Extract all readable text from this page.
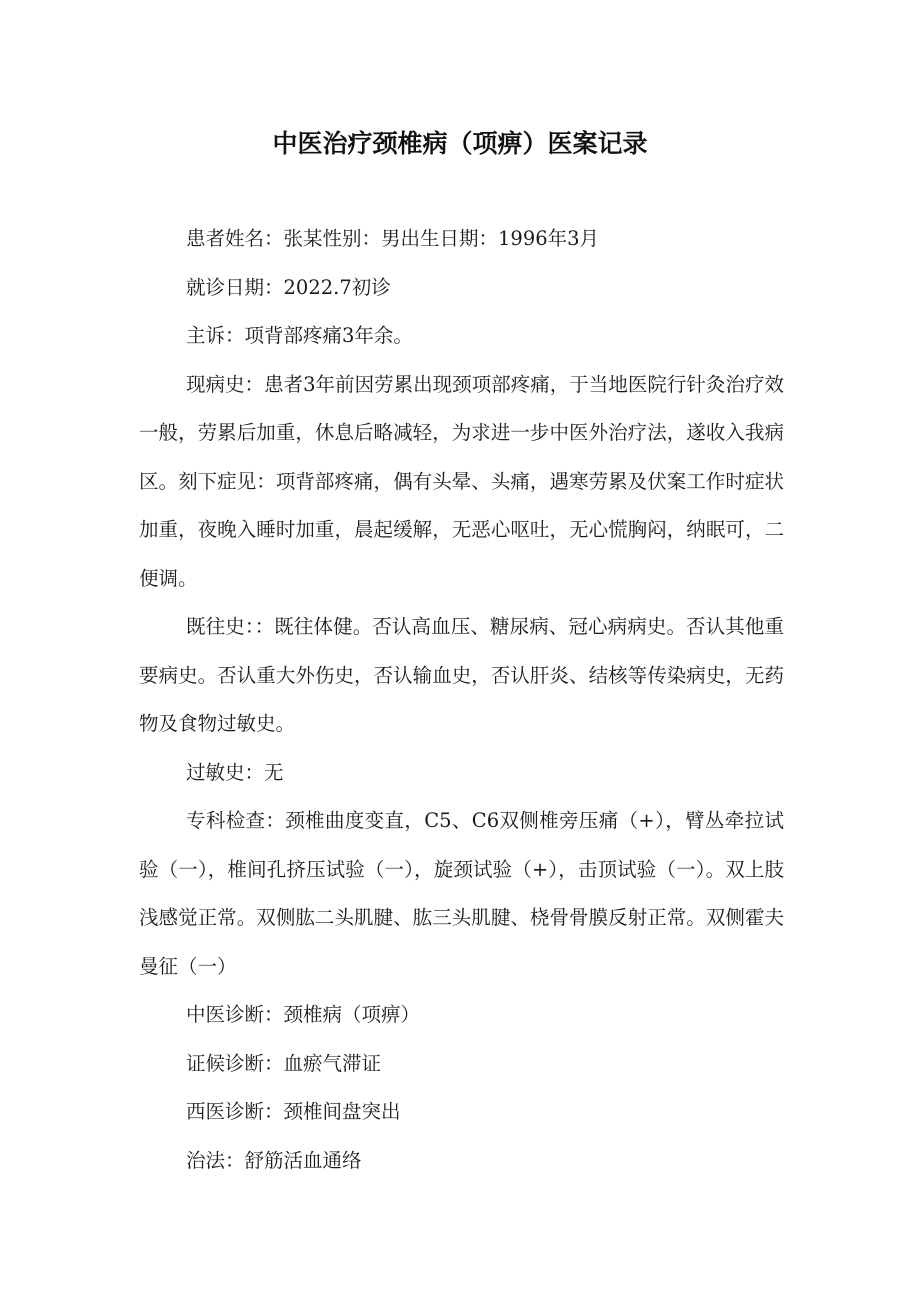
中医治疗颈椎病（项痹）医案记录

患者姓名：张某性别：男出生日期：1996年3月

就诊日期：2022.7初诊

主诉：项背部疼痛3年余。

现病史：患者3年前因劳累出现颈项部疼痛，于当地医院行针灸治疗效一般，劳累后加重，休息后略减轻，为求进一步中医外治疗法，遂收入我病区。刻下症见：项背部疼痛，偶有头晕、头痛，遇寒劳累及伏案工作时症状加重，夜晚入睡时加重，晨起缓解，无恶心呕吐，无心慌胸闷，纳眠可，二便调。

既往史：：既往体健。否认高血压、糖尿病、冠心病病史。否认其他重要病史。否认重大外伤史，否认输血史，否认肝炎、结核等传染病史，无药物及食物过敏史。

过敏史：无

专科检查：颈椎曲度变直，C5、C6双侧椎旁压痛（+），臂丛牵拉试验（一），椎间孔挤压试验（一），旋颈试验（+），击顶试验（一）。双上肢浅感觉正常。双侧肱二头肌腱、肱三头肌腱、桡骨骨膜反射正常。双侧霍夫曼征（一）

中医诊断：颈椎病（项痹）

证候诊断：血瘀气滞证

西医诊断：颈椎间盘突出

治法：舒筋活血通络
